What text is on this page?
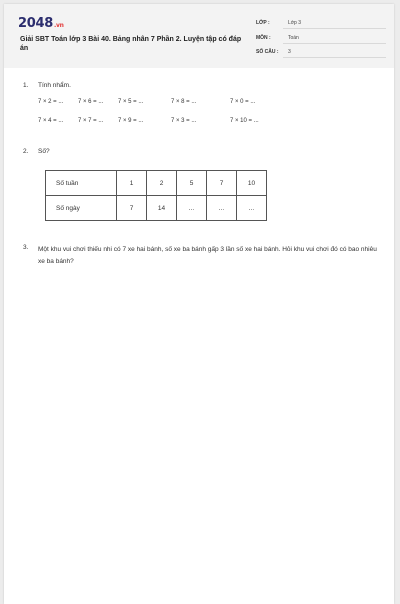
2048.vn
Giải SBT Toán lớp 3 Bài 40. Bảng nhân 7 Phần 2. Luyện tập có đáp án
LỚP :	Lớp 3
MÔN :	Toán
SỐ CÂU : 3
1. Tính nhẩm.
7 × 2 = ... 7 × 6 = ... 7 × 5 = ...	7 × 8 = ...	7 × 0 = ...
7 × 4 = ... 7 × 7 = ... 7 × 9 = ...	7 × 3 = ...	7 × 10 = ...
2. Số?
Số tuần	1	2	5	7	10
Số ngày	7	14	...	...	...
3. Một khu vui chơi thiếu nhi có 7 xe hai bánh, số xe ba bánh gấp 3 lần số xe hai bánh. Hỏi khu vui chơi đó có bao nhiêu xe ba bánh?
